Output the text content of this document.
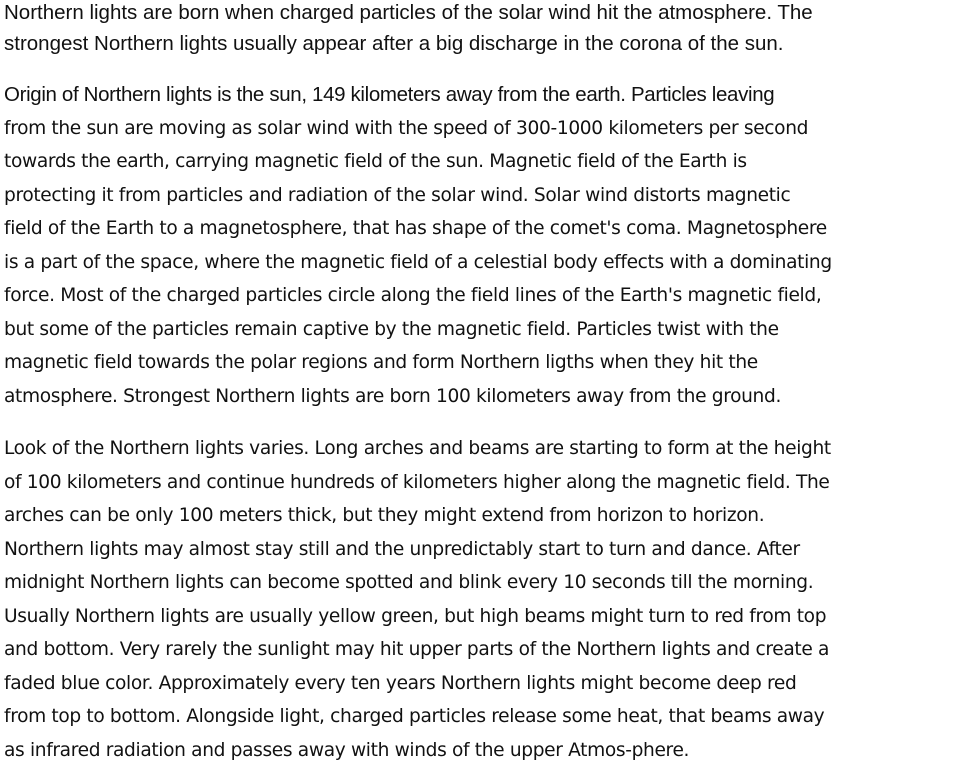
Northern lights are born when charged particles of the solar wind hit the atmosphere. The
strongest Northern lights usually appear after a big discharge in the corona of the sun.

Origin of Northern lights is the sun, 149 kilometers away from the earth. Particles leaving
from the sun are moving as solar wind with the speed of 300-1000 kilometers per second
towards the earth, carrying magnetic field of the sun. Magnetic field of the Earth is
protecting it from particles and radiation of the solar wind. Solar wind distorts magnetic
field of the Earth to a magnetosphere, that has shape of the comet's coma. Magnetosphere
is a part of the space, where the magnetic field of a celestial body effects with a dominating
force. Most of the charged particles circle along the field lines of the Earth's magnetic field,
but some of the particles remain captive by the magnetic field. Particles twist with the
magnetic field towards the polar regions and form Northern ligths when they hit the
atmosphere. Strongest Northern lights are born 100 kilometers away from the ground.

Look of the Northern lights varies. Long arches and beams are starting to form at the height
of 100 kilometers and continue hundreds of kilometers higher along the magnetic field. The
arches can be only 100 meters thick, but they might extend from horizon to horizon.
Northern lights may almost stay still and the unpredictably start to turn and dance. After
midnight Northern lights can become spotted and blink every 10 seconds till the morning.
Usually Northern lights are usually yellow green, but high beams might turn to red from top
and bottom. Very rarely the sunlight may hit upper parts of the Northern lights and create a
faded blue color. Approximately every ten years Northern lights might become deep red
from top to bottom. Alongside light, charged particles release some heat, that beams away
as infrared radiation and passes away with winds of the upper Atmos-phere.
